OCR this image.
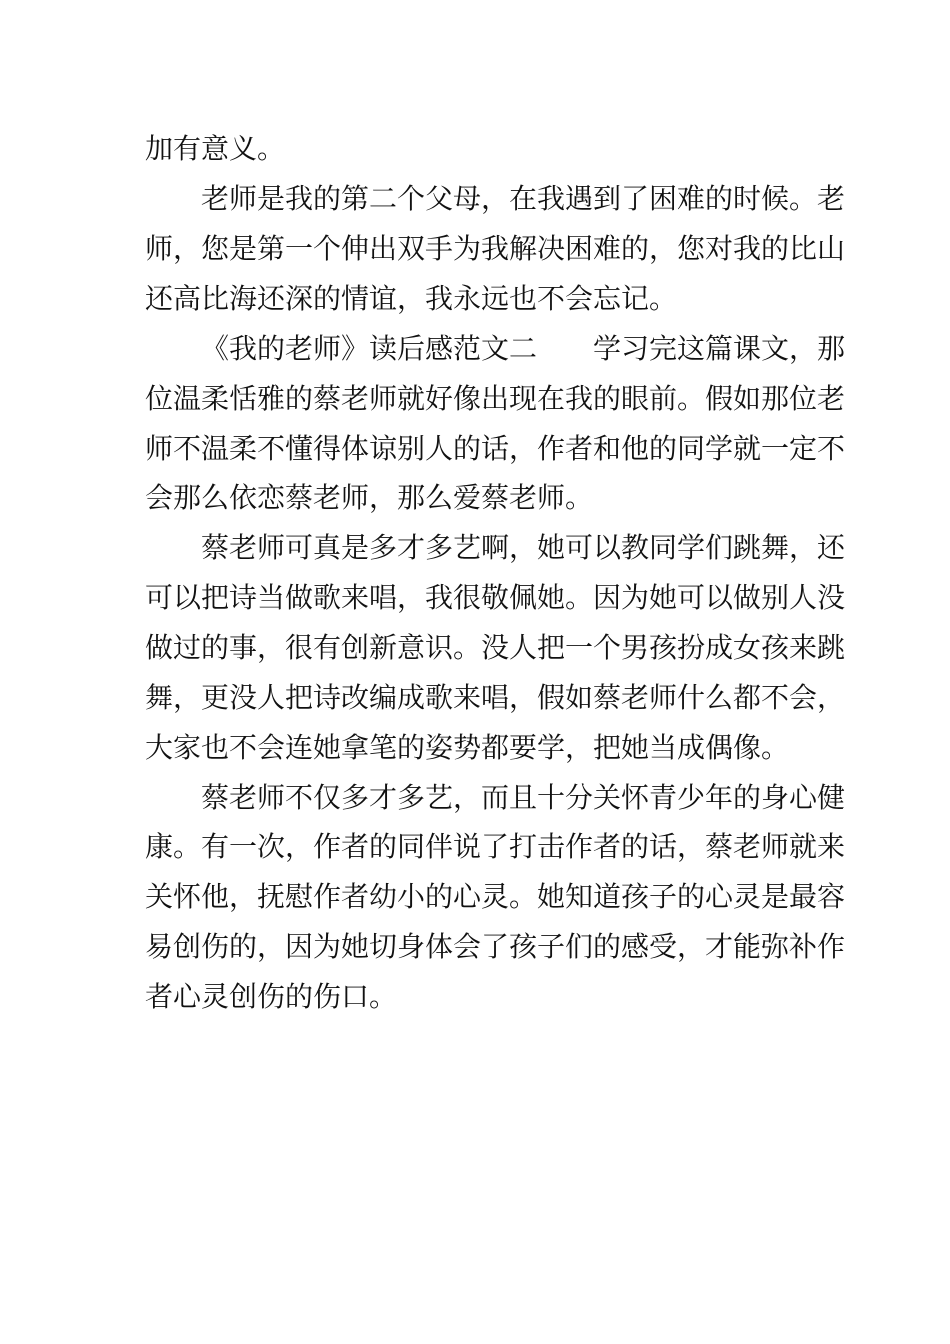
加有意义。

老师是我的第二个父母，在我遇到了困难的时候。老

师，您是第一个伸出双手为我解决困难的，您对我的比山

还高比海还深的情谊，我永远也不会忘记。

《我的老师》读后感范文二　　学习完这篇课文，那

位温柔恬雅的蔡老师就好像出现在我的眼前。假如那位老

师不温柔不懂得体谅别人的话，作者和他的同学就一定不

会那么依恋蔡老师，那么爱蔡老师。

蔡老师可真是多才多艺啊，她可以教同学们跳舞，还

可以把诗当做歌来唱，我很敬佩她。因为她可以做别人没

做过的事，很有创新意识。没人把一个男孩扮成女孩来跳

舞，更没人把诗改编成歌来唱，假如蔡老师什么都不会，

大家也不会连她拿笔的姿势都要学，把她当成偶像。

蔡老师不仅多才多艺，而且十分关怀青少年的身心健

康。有一次，作者的同伴说了打击作者的话，蔡老师就来

关怀他，抚慰作者幼小的心灵。她知道孩子的心灵是最容

易创伤的，因为她切身体会了孩子们的感受，才能弥补作

者心灵创伤的伤口。
